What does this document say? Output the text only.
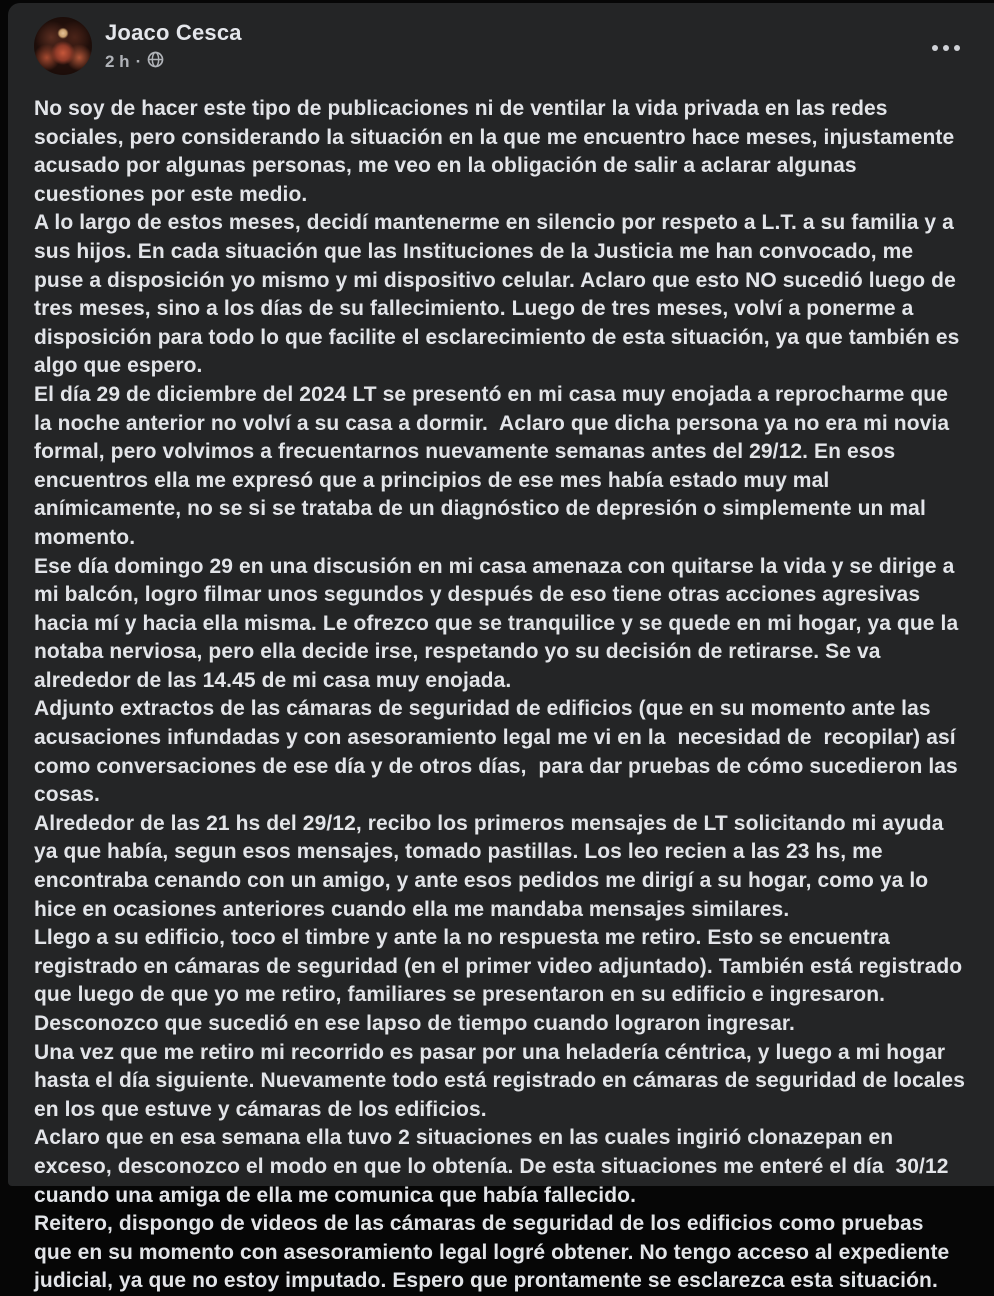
Joaco Cesca
2 h ·
No soy de hacer este tipo de publicaciones ni de ventilar la vida privada en las redes sociales, pero considerando la situación en la que me encuentro hace meses, injustamente acusado por algunas personas, me veo en la obligación de salir a aclarar algunas cuestiones por este medio.
A lo largo de estos meses, decidí mantenerme en silencio por respeto a L.T. a su familia y a sus hijos. En cada situación que las Instituciones de la Justicia me han convocado, me puse a disposición yo mismo y mi dispositivo celular. Aclaro que esto NO sucedió luego de tres meses, sino a los días de su fallecimiento. Luego de tres meses, volví a ponerme a disposición para todo lo que facilite el esclarecimiento de esta situación, ya que también es algo que espero.
El día 29 de diciembre del 2024 LT se presentó en mi casa muy enojada a reprocharme que la noche anterior no volví a su casa a dormir.  Aclaro que dicha persona ya no era mi novia formal, pero volvimos a frecuentarnos nuevamente semanas antes del 29/12. En esos encuentros ella me expresó que a principios de ese mes había estado muy mal anímicamente, no se si se trataba de un diagnóstico de depresión o simplemente un mal momento.
Ese día domingo 29 en una discusión en mi casa amenaza con quitarse la vida y se dirige a mi balcón, logro filmar unos segundos y después de eso tiene otras acciones agresivas hacia mí y hacia ella misma. Le ofrezco que se tranquilice y se quede en mi hogar, ya que la notaba nerviosa, pero ella decide irse, respetando yo su decisión de retirarse. Se va alrededor de las 14.45 de mi casa muy enojada.
Adjunto extractos de las cámaras de seguridad de edificios (que en su momento ante las acusaciones infundadas y con asesoramiento legal me vi en la  necesidad de  recopilar) así como conversaciones de ese día y de otros días,  para dar pruebas de cómo sucedieron las cosas.
Alrededor de las 21 hs del 29/12, recibo los primeros mensajes de LT solicitando mi ayuda ya que había, segun esos mensajes, tomado pastillas. Los leo recien a las 23 hs, me encontraba cenando con un amigo, y ante esos pedidos me dirigí a su hogar, como ya lo hice en ocasiones anteriores cuando ella me mandaba mensajes similares.
Llego a su edificio, toco el timbre y ante la no respuesta me retiro. Esto se encuentra registrado en cámaras de seguridad (en el primer video adjuntado). También está registrado que luego de que yo me retiro, familiares se presentaron en su edificio e ingresaron. Desconozco que sucedió en ese lapso de tiempo cuando lograron ingresar.
Una vez que me retiro mi recorrido es pasar por una heladería céntrica, y luego a mi hogar hasta el día siguiente. Nuevamente todo está registrado en cámaras de seguridad de locales en los que estuve y cámaras de los edificios.
Aclaro que en esa semana ella tuvo 2 situaciones en las cuales ingirió clonazepan en exceso, desconozco el modo en que lo obtenía. De esta situaciones me enteré el día  30/12 cuando una amiga de ella me comunica que había fallecido.
Reitero, dispongo de videos de las cámaras de seguridad de los edificios como pruebas que en su momento con asesoramiento legal logré obtener. No tengo acceso al expediente judicial, ya que no estoy imputado. Espero que prontamente se esclarezca esta situación.
